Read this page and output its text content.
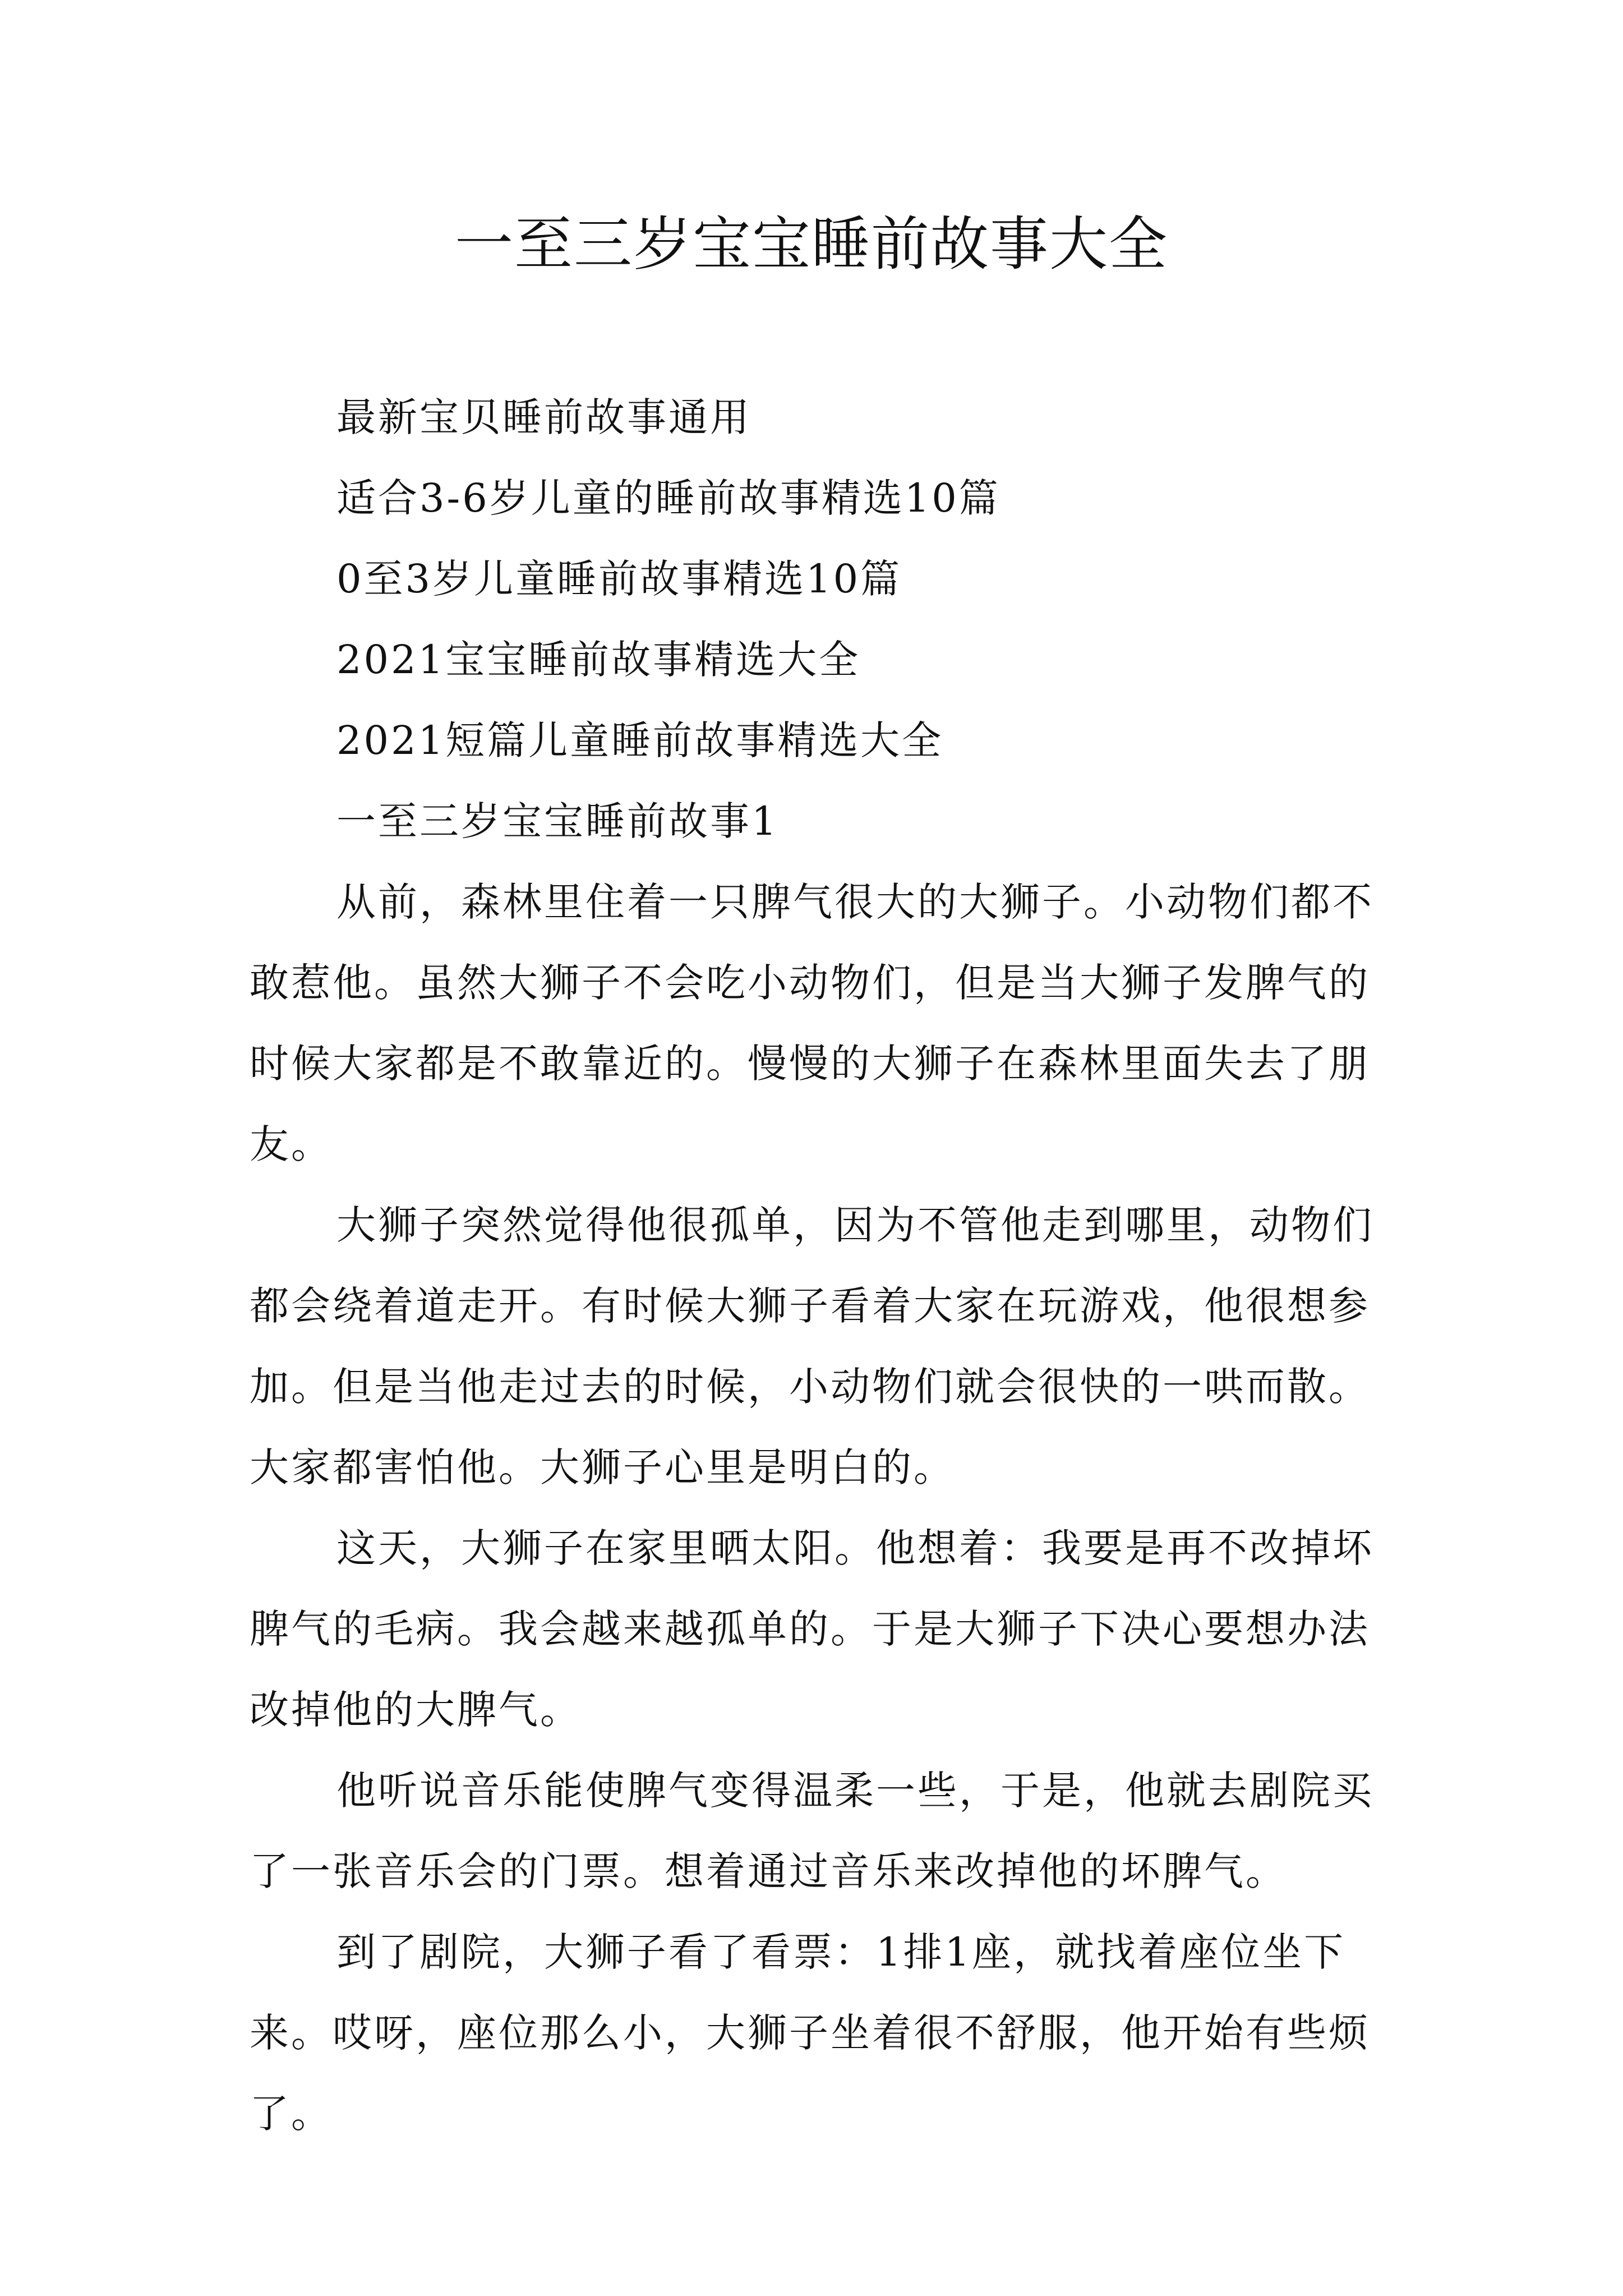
一至三岁宝宝睡前故事大全

最新宝贝睡前故事通用

适合3-6岁儿童的睡前故事精选10篇

0至3岁儿童睡前故事精选10篇

2021宝宝睡前故事精选大全

2021短篇儿童睡前故事精选大全

一至三岁宝宝睡前故事1

从前，森林里住着一只脾气很大的大狮子。小动物们都不敢惹他。虽然大狮子不会吃小动物们，但是当大狮子发脾气的时候大家都是不敢靠近的。慢慢的大狮子在森林里面失去了朋友。

大狮子突然觉得他很孤单，因为不管他走到哪里，动物们都会绕着道走开。有时候大狮子看着大家在玩游戏，他很想参加。但是当他走过去的时候，小动物们就会很快的一哄而散。大家都害怕他。大狮子心里是明白的。

这天，大狮子在家里晒太阳。他想着：我要是再不改掉坏脾气的毛病。我会越来越孤单的。于是大狮子下决心要想办法改掉他的大脾气。

他听说音乐能使脾气变得温柔一些，于是，他就去剧院买了一张音乐会的门票。想着通过音乐来改掉他的坏脾气。

到了剧院，大狮子看了看票：1排1座，就找着座位坐下来。哎呀，座位那么小，大狮子坐着很不舒服，他开始有些烦了。
